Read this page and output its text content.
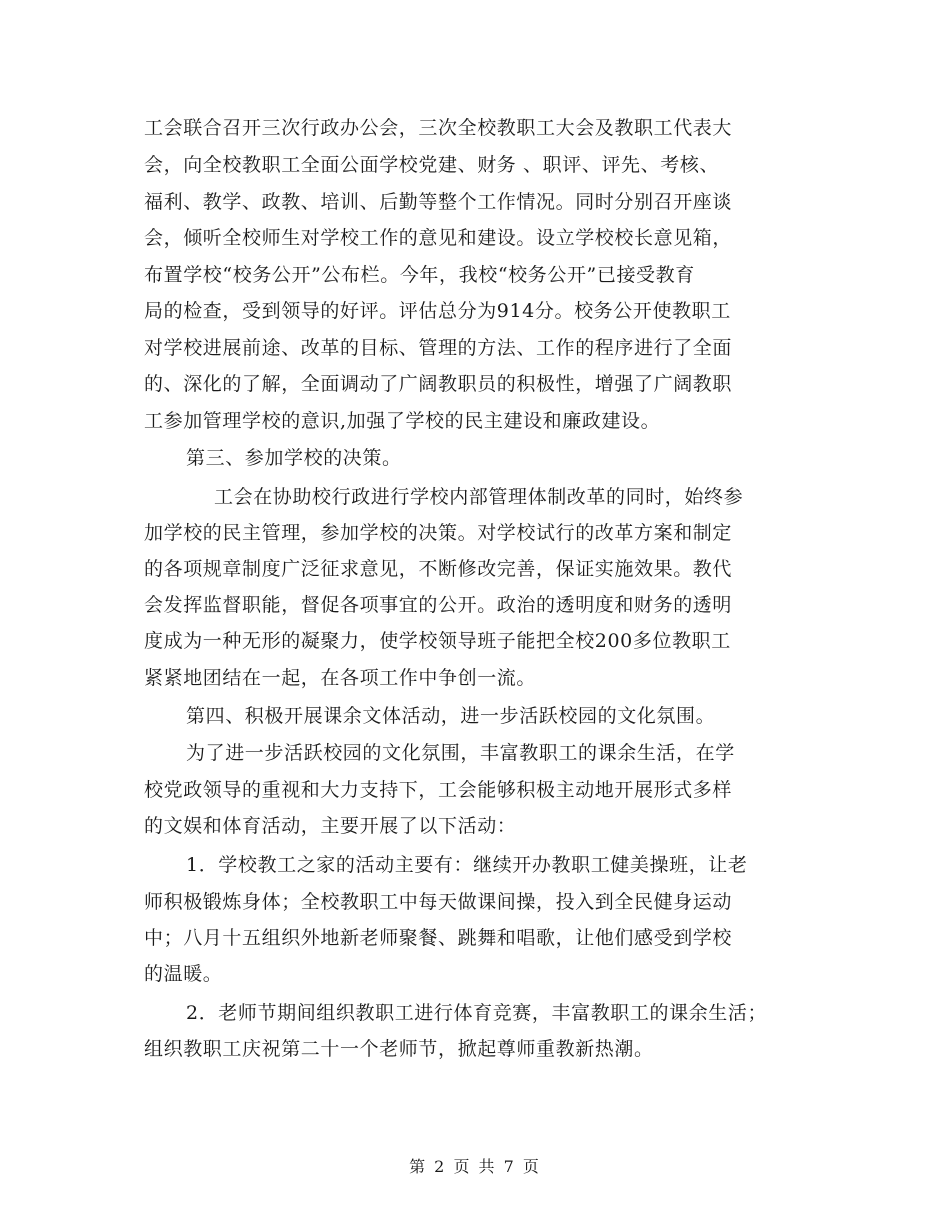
工会联合召开三次行政办公会，三次全校教职工大会及教职工代表大
会，向全校教职工全面公面学校党建、财务 、职评、评先、考核、
福利、教学、政教、培训、后勤等整个工作情况。同时分别召开座谈
会，倾听全校师生对学校工作的意见和建设。设立学校校长意见箱，
布置学校“校务公开”公布栏。今年，我校“校务公开”已接受教育
局的检查，受到领导的好评。评估总分为914分。校务公开使教职工
对学校进展前途、改革的目标、管理的方法、工作的程序进行了全面
的、深化的了解，全面调动了广阔教职员的积极性，增强了广阔教职
工参加管理学校的意识,加强了学校的民主建设和廉政建设。
第三、参加学校的决策。
工会在协助校行政进行学校内部管理体制改革的同时，始终参
加学校的民主管理，参加学校的决策。对学校试行的改革方案和制定
的各项规章制度广泛征求意见，不断修改完善，保证实施效果。教代
会发挥监督职能，督促各项事宜的公开。政治的透明度和财务的透明
度成为一种无形的凝聚力，使学校领导班子能把全校200多位教职工
紧紧地团结在一起，在各项工作中争创一流。
第四、积极开展课余文体活动，进一步活跃校园的文化氛围。
为了进一步活跃校园的文化氛围，丰富教职工的课余生活，在学
校党政领导的重视和大力支持下，工会能够积极主动地开展形式多样
的文娱和体育活动，主要开展了以下活动：
1．学校教工之家的活动主要有：继续开办教职工健美操班，让老
师积极锻炼身体；全校教职工中每天做课间操，投入到全民健身运动
中；八月十五组织外地新老师聚餐、跳舞和唱歌，让他们感受到学校
的温暖。
2．老师节期间组织教职工进行体育竞赛，丰富教职工的课余生活；
组织教职工庆祝第二十一个老师节，掀起尊师重教新热潮。
第 2 页 共 7 页
